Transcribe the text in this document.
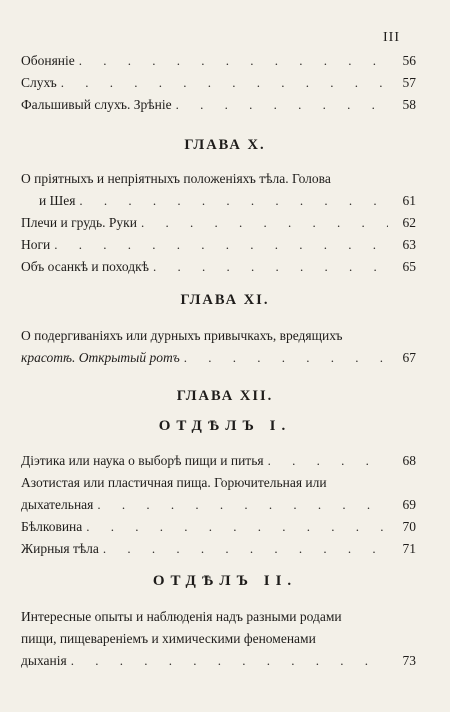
III
Обоняніе . . .	56
Слухъ . . .	57
Фальшивый слухъ. Зрѣніе . . .	58
ГЛАВА X.
О пріятныхъ и непріятныхъ положеніяхъ тѣла. Голова
и Шея . . .	61
Плечи и грудь. Руки . . .	62
Ноги . . .	63
Объ осанкѣ и походкѣ . . .	65
ГЛАВА XI.
О подергиваніяхъ или дурныхъ привычкахъ, вредящихъ
красотѣ. Открытый ротъ . . .	67
ГЛАВА XII.
ОТДѢЛЪ I.
Діэтика или наука о выборѣ пищи и питья . . .	68
Азотистая или пластичная пища. Горючительная или
дыхательная . . .	69
Бѣлковина . . .	70
Жирныя тѣла . . .	71
ОТДѢЛЪ II.
Интересные опыты и наблюденія надъ разными родами
пищи, пищевареніемъ и химическими феноменами
дыханія . . .	73
